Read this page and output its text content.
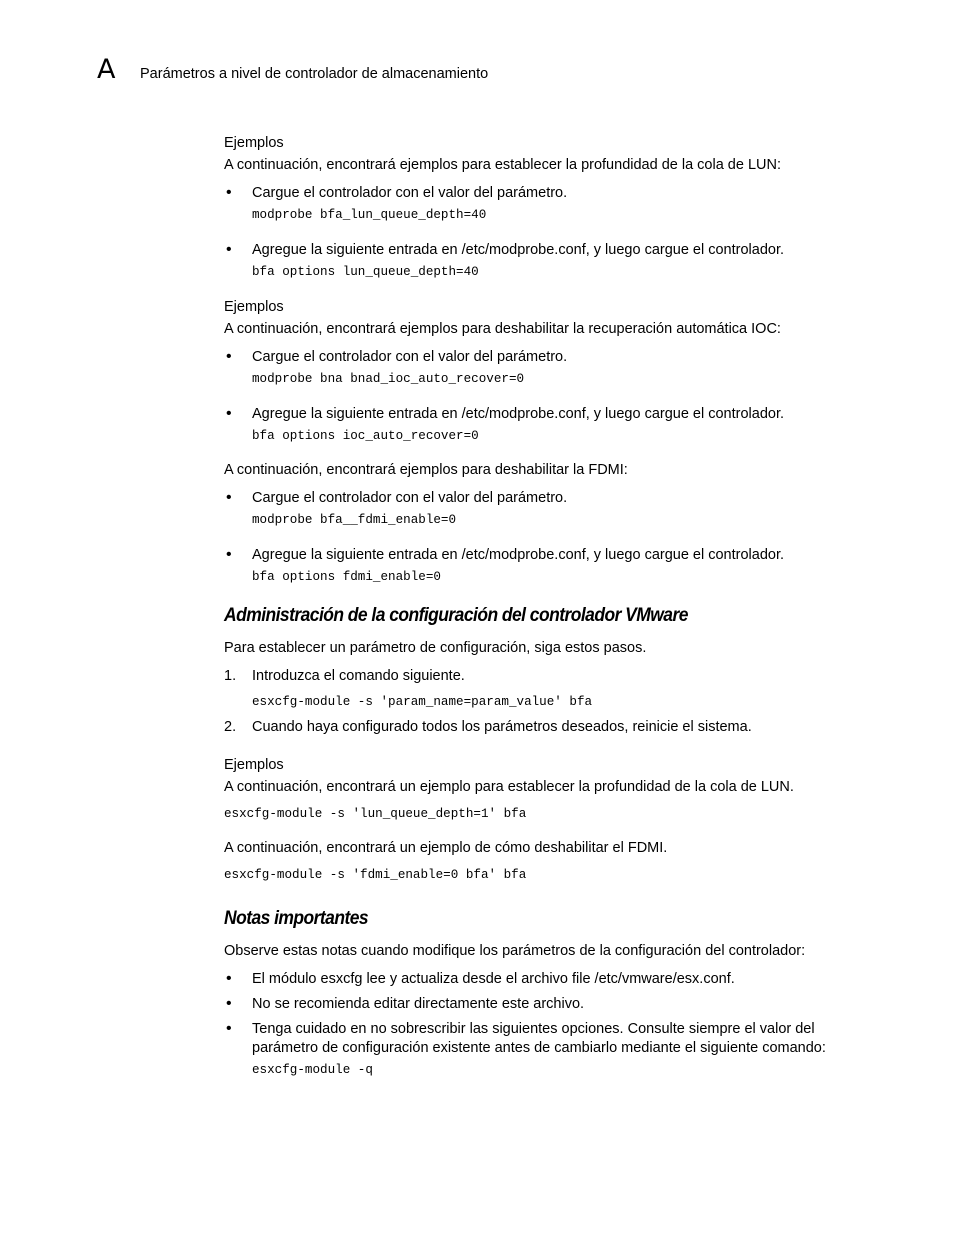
A Parámetros a nivel de controlador de almacenamiento

Ejemplos

A continuación, encontrará ejemplos para establecer la profundidad de la cola de LUN:

• Cargue el controlador con el valor del parámetro.

modprobe bfa_lun_queue_depth=40

• Agregue la siguiente entrada en /etc/modprobe.conf, y luego cargue el controlador.

bfa options lun_queue_depth=40

Ejemplos

A continuación, encontrará ejemplos para deshabilitar la recuperación automática IOC:

• Cargue el controlador con el valor del parámetro.

modprobe bna bnad_ioc_auto_recover=0

• Agregue la siguiente entrada en /etc/modprobe.conf, y luego cargue el controlador.

bfa options ioc_auto_recover=0

A continuación, encontrará ejemplos para deshabilitar la FDMI:

• Cargue el controlador con el valor del parámetro.

modprobe bfa__fdmi_enable=0

• Agregue la siguiente entrada en /etc/modprobe.conf, y luego cargue el controlador.

bfa options fdmi_enable=0

Administración de la configuración del controlador VMware

Para establecer un parámetro de configuración, siga estos pasos.

1. Introduzca el comando siguiente.

esxcfg-module -s 'param_name=param_value' bfa

2. Cuando haya configurado todos los parámetros deseados, reinicie el sistema.

Ejemplos

A continuación, encontrará un ejemplo para establecer la profundidad de la cola de LUN.

esxcfg-module -s 'lun_queue_depth=1' bfa

A continuación, encontrará un ejemplo de cómo deshabilitar el FDMI.

esxcfg-module -s 'fdmi_enable=0 bfa' bfa

Notas importantes

Observe estas notas cuando modifique los parámetros de la configuración del controlador:

• El módulo esxcfg lee y actualiza desde el archivo file /etc/vmware/esx.conf.
• No se recomienda editar directamente este archivo.
• Tenga cuidado en no sobrescribir las siguientes opciones. Consulte siempre el valor del parámetro de configuración existente antes de cambiarlo mediante el siguiente comando:

esxcfg-module -q
